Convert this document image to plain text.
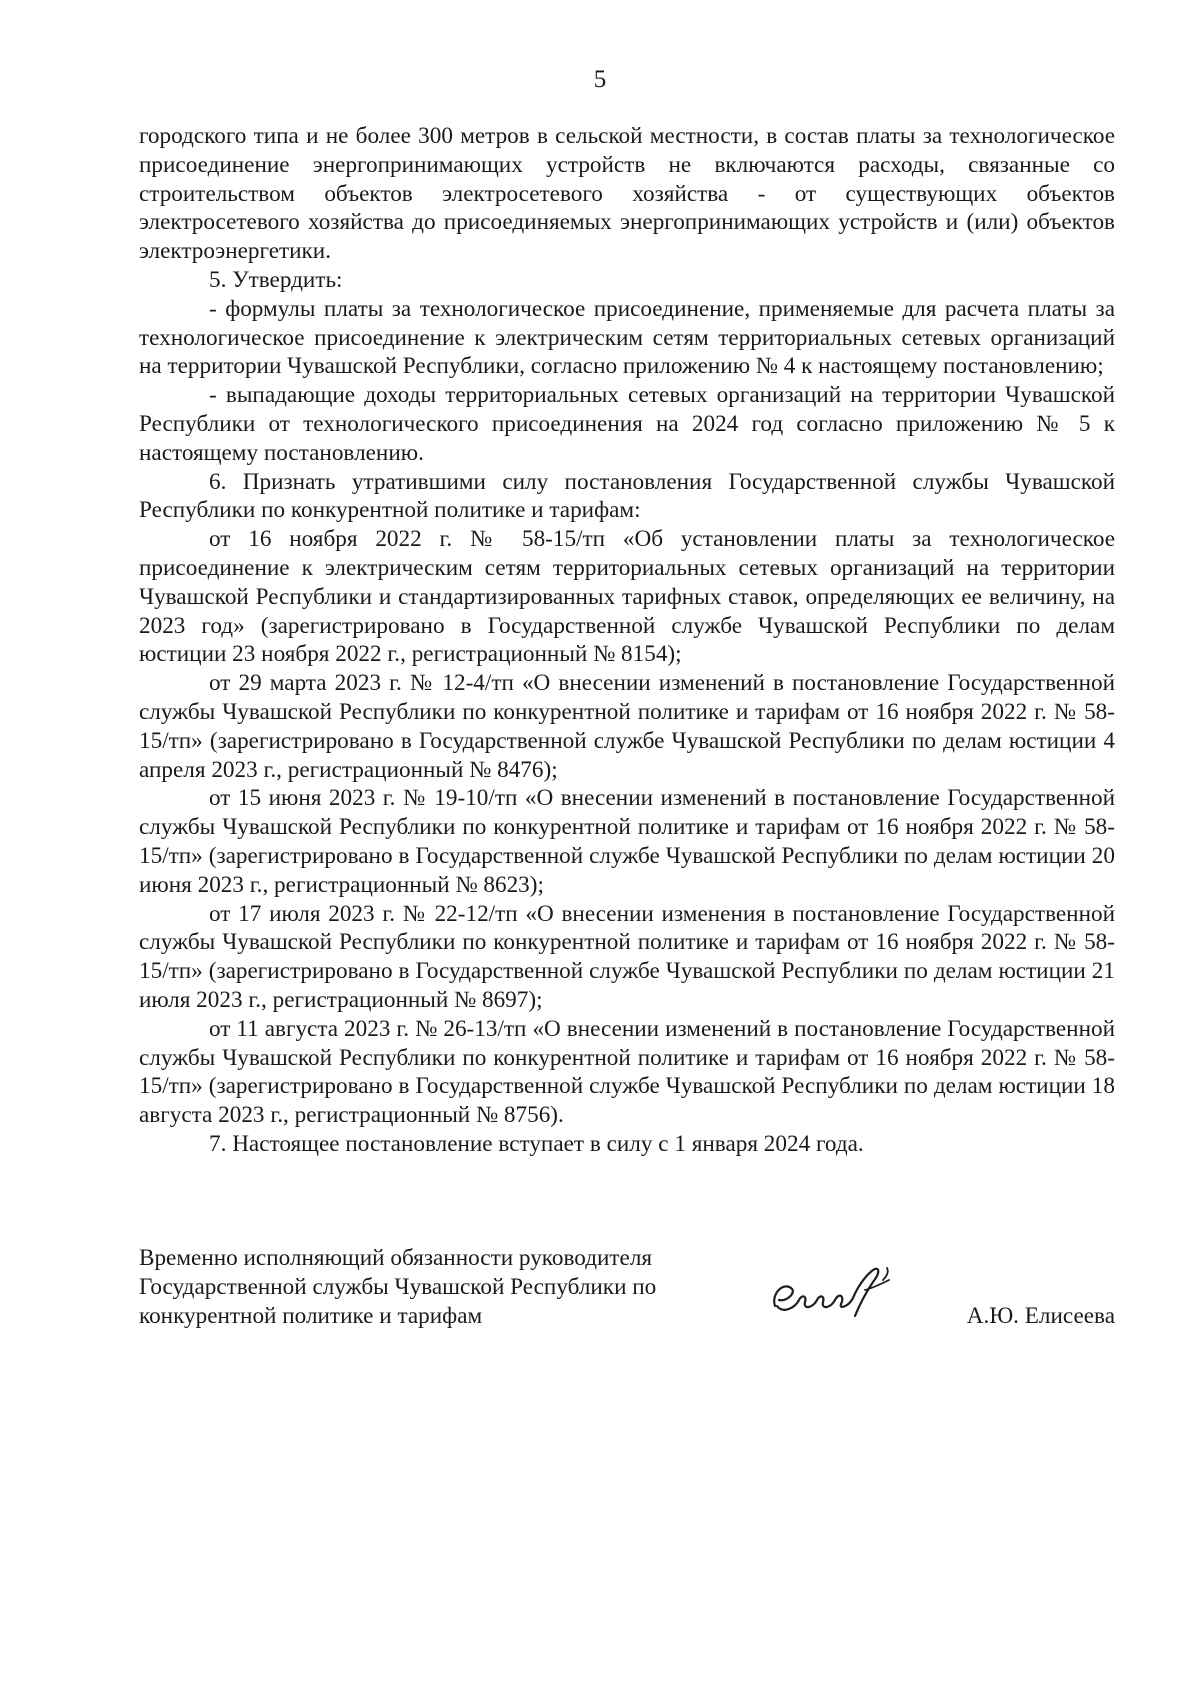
5

городского типа и не более 300 метров в сельской местности, в состав платы за технологическое присоединение энергопринимающих устройств не включаются расходы, связанные со строительством объектов электросетевого хозяйства - от существующих объектов электросетевого хозяйства до присоединяемых энергопринимающих устройств и (или) объектов электроэнергетики.

5. Утвердить:

- формулы платы за технологическое присоединение, применяемые для расчета платы за технологическое присоединение к электрическим сетям территориальных сетевых организаций на территории Чувашской Республики, согласно приложению № 4 к настоящему постановлению;

- выпадающие доходы территориальных сетевых организаций на территории Чувашской Республики от технологического присоединения на 2024 год согласно приложению № 5 к настоящему постановлению.

6. Признать утратившими силу постановления Государственной службы Чувашской Республики по конкурентной политике и тарифам:

от 16 ноября 2022 г. № 58-15/тп «Об установлении платы за технологическое присоединение к электрическим сетям территориальных сетевых организаций на территории Чувашской Республики и стандартизированных тарифных ставок, определяющих ее величину, на 2023 год» (зарегистрировано в Государственной службе Чувашской Республики по делам юстиции 23 ноября 2022 г., регистрационный № 8154);

от 29 марта 2023 г. № 12-4/тп «О внесении изменений в постановление Государственной службы Чувашской Республики по конкурентной политике и тарифам от 16 ноября 2022 г. № 58-15/тп» (зарегистрировано в Государственной службе Чувашской Республики по делам юстиции 4 апреля 2023 г., регистрационный № 8476);

от 15 июня 2023 г. № 19-10/тп «О внесении изменений в постановление Государственной службы Чувашской Республики по конкурентной политике и тарифам от 16 ноября 2022 г. № 58-15/тп» (зарегистрировано в Государственной службе Чувашской Республики по делам юстиции 20 июня 2023 г., регистрационный № 8623);

от 17 июля 2023 г. № 22-12/тп «О внесении изменения в постановление Государственной службы Чувашской Республики по конкурентной политике и тарифам от 16 ноября 2022 г. № 58-15/тп» (зарегистрировано в Государственной службе Чувашской Республики по делам юстиции 21 июля 2023 г., регистрационный № 8697);

от 11 августа 2023 г. № 26-13/тп «О внесении изменений в постановление Государственной службы Чувашской Республики по конкурентной политике и тарифам от 16 ноября 2022 г. № 58-15/тп» (зарегистрировано в Государственной службе Чувашской Республики по делам юстиции 18 августа 2023 г., регистрационный № 8756).

7. Настоящее постановление вступает в силу с 1 января 2024 года.

Временно исполняющий обязанности руководителя
Государственной службы Чувашской Республики по
конкурентной политике и тарифам	А.Ю. Елисеева
